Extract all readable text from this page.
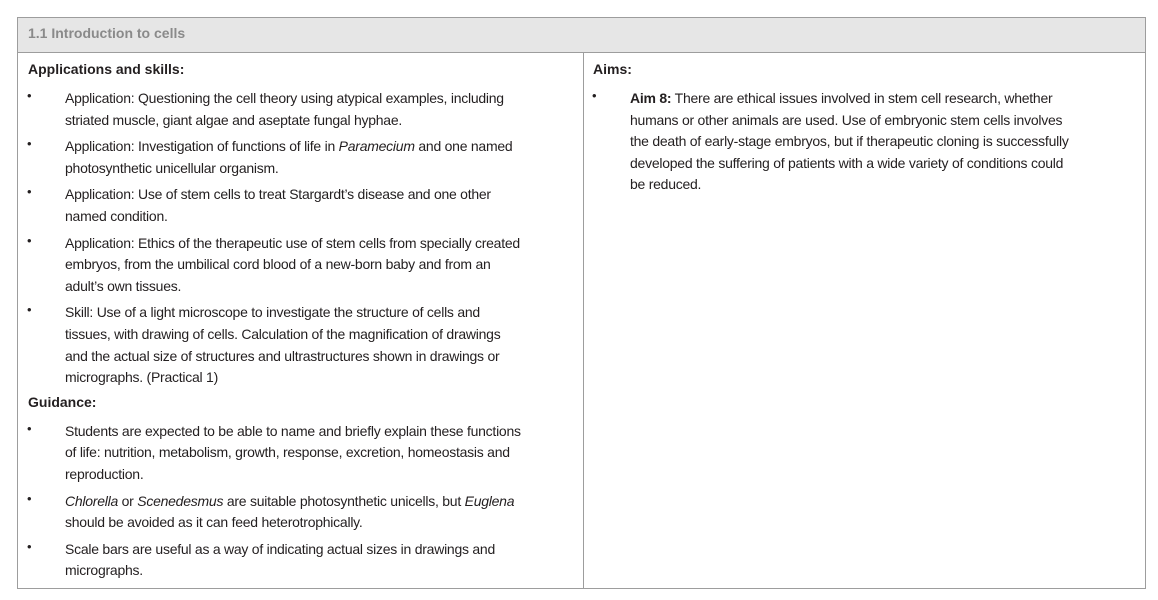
1.1 Introduction to cells
Applications and skills:
• Application: Questioning the cell theory using atypical examples, including
striated muscle, giant algae and aseptate fungal hyphae.
• Application: Investigation of functions of life in Paramecium and one named
photosynthetic unicellular organism.
• Application: Use of stem cells to treat Stargardt’s disease and one other
named condition.
• Application: Ethics of the therapeutic use of stem cells from specially created
embryos, from the umbilical cord blood of a new-born baby and from an
adult’s own tissues.
• Skill: Use of a light microscope to investigate the structure of cells and
tissues, with drawing of cells. Calculation of the magnification of drawings
and the actual size of structures and ultrastructures shown in drawings or
micrographs. (Practical 1)
Guidance:
• Students are expected to be able to name and briefly explain these functions
of life: nutrition, metabolism, growth, response, excretion, homeostasis and
reproduction.
• Chlorella or Scenedesmus are suitable photosynthetic unicells, but Euglena
should be avoided as it can feed heterotrophically.
• Scale bars are useful as a way of indicating actual sizes in drawings and
micrographs.
Aims:
• Aim 8: There are ethical issues involved in stem cell research, whether
humans or other animals are used. Use of embryonic stem cells involves
the death of early-stage embryos, but if therapeutic cloning is successfully
developed the suffering of patients with a wide variety of conditions could
be reduced.
